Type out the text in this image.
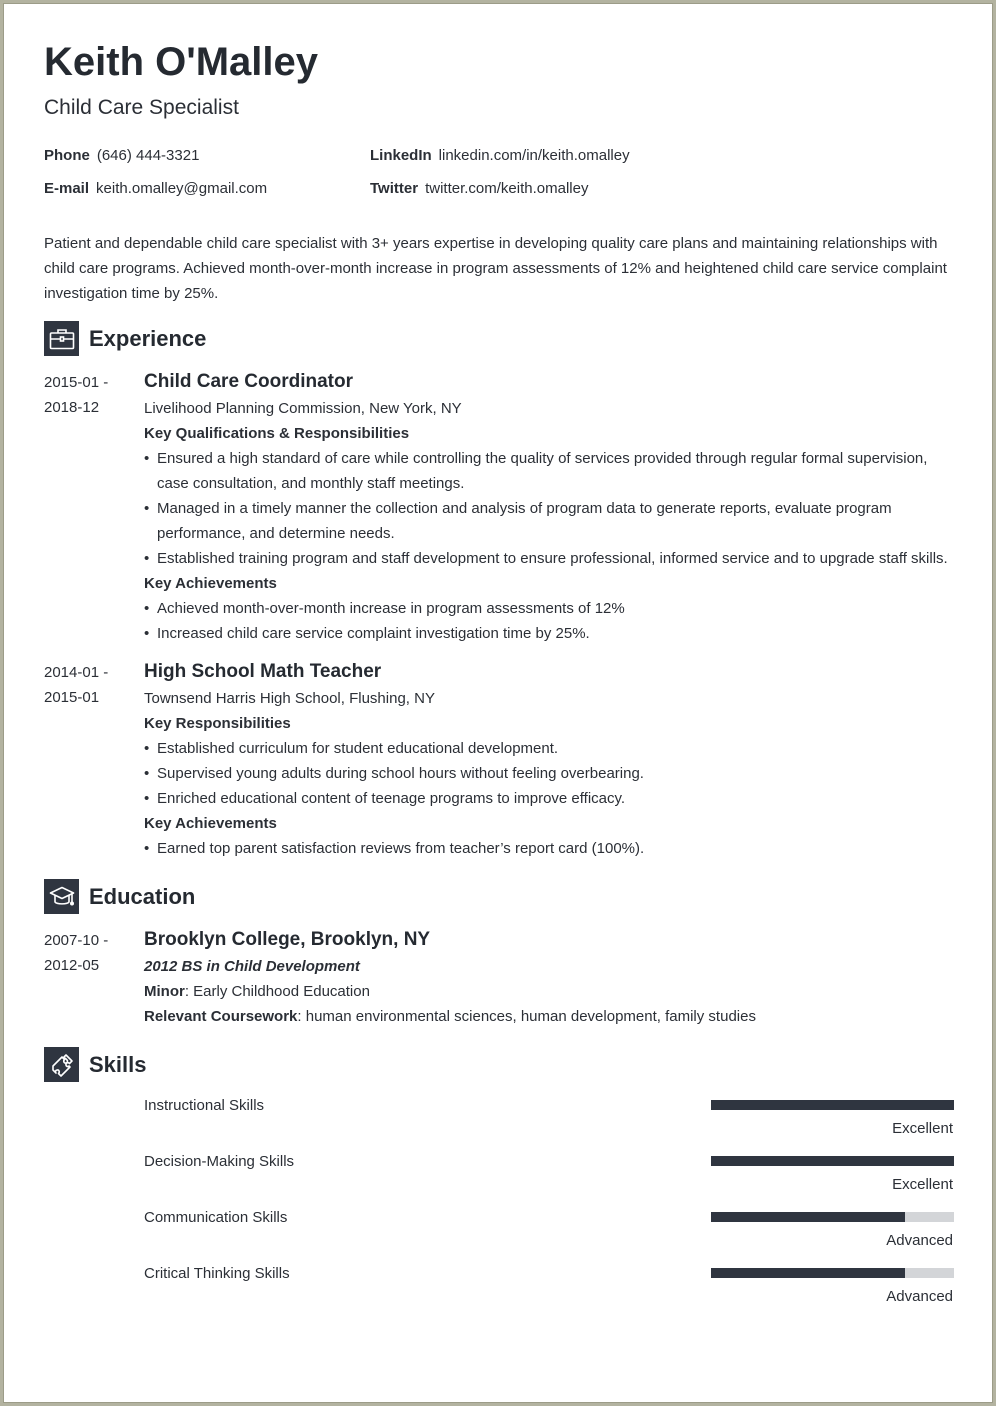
Keith O'Malley
Child Care Specialist
Phone (646) 444-3321
E-mail keith.omalley@gmail.com
LinkedIn linkedin.com/in/keith.omalley
Twitter twitter.com/keith.omalley
Patient and dependable child care specialist with 3+ years expertise in developing quality care plans and maintaining relationships with child care programs. Achieved month-over-month increase in program assessments of 12% and heightened child care service complaint investigation time by 25%.
Experience
2015-01 -
2018-12
Child Care Coordinator
Livelihood Planning Commission, New York, NY
Key Qualifications & Responsibilities
• Ensured a high standard of care while controlling the quality of services provided through regular formal supervision, case consultation, and monthly staff meetings.
• Managed in a timely manner the collection and analysis of program data to generate reports, evaluate program performance, and determine needs.
• Established training program and staff development to ensure professional, informed service and to upgrade staff skills.
Key Achievements
• Achieved month-over-month increase in program assessments of 12%
• Increased child care service complaint investigation time by 25%.
2014-01 -
2015-01
High School Math Teacher
Townsend Harris High School, Flushing, NY
Key Responsibilities
• Established curriculum for student educational development.
• Supervised young adults during school hours without feeling overbearing.
• Enriched educational content of teenage programs to improve efficacy.
Key Achievements
• Earned top parent satisfaction reviews from teacher’s report card (100%).
Education
2007-10 -
2012-05
Brooklyn College, Brooklyn, NY
2012 BS in Child Development
Minor: Early Childhood Education
Relevant Coursework: human environmental sciences, human development, family studies
Skills
Instructional Skills
Excellent
Decision-Making Skills
Excellent
Communication Skills
Advanced
Critical Thinking Skills
Advanced
